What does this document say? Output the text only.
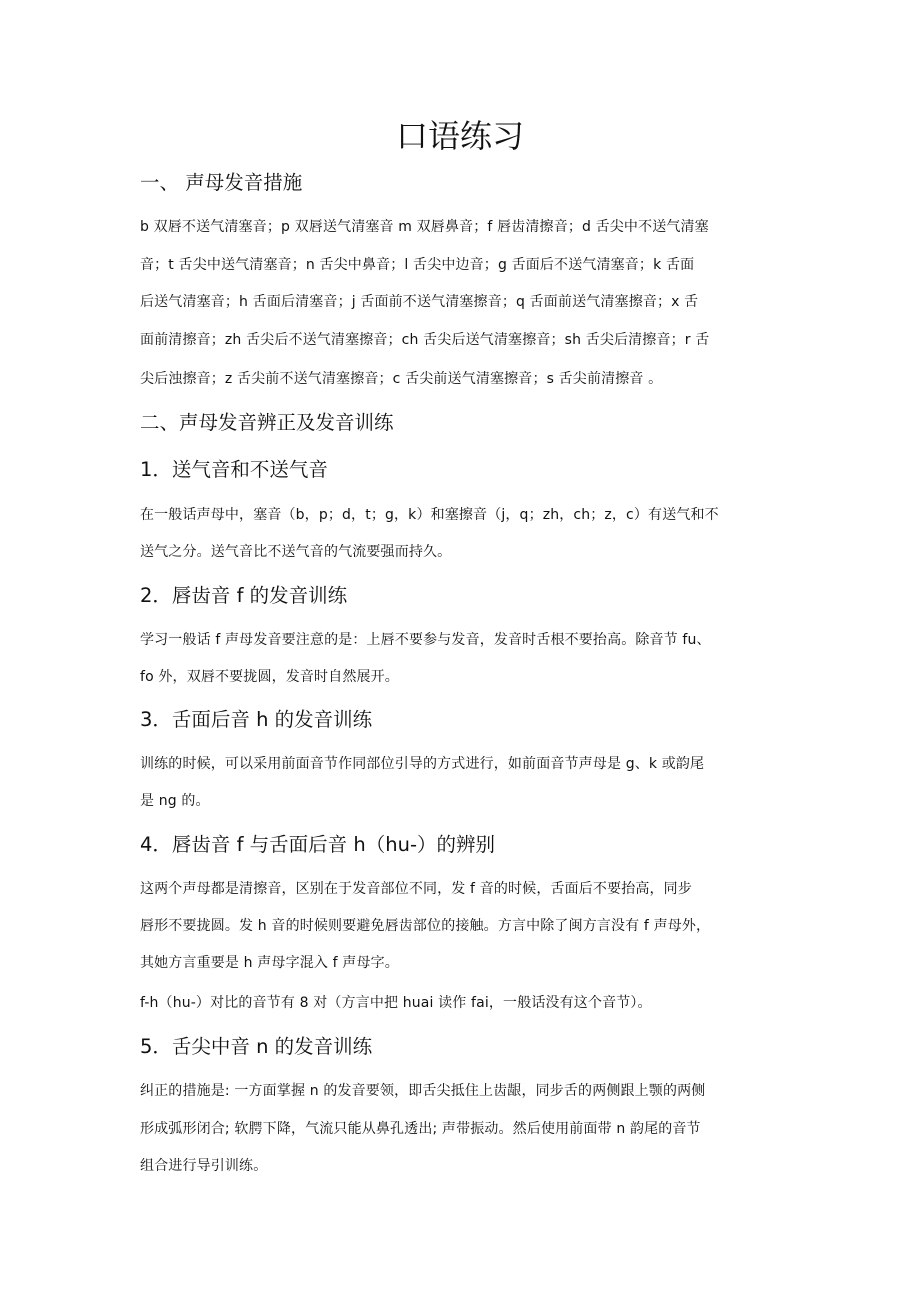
口语练习
一、 声母发音措施
b 双唇不送气清塞音；p 双唇送气清塞音 m 双唇鼻音；f 唇齿清擦音；d 舌尖中不送气清塞
音；t 舌尖中送气清塞音；n 舌尖中鼻音；l 舌尖中边音；g 舌面后不送气清塞音；k 舌面
后送气清塞音；h 舌面后清塞音；j 舌面前不送气清塞擦音；q 舌面前送气清塞擦音；x 舌
面前清擦音；zh 舌尖后不送气清塞擦音；ch 舌尖后送气清塞擦音；sh 舌尖后清擦音；r 舌
尖后浊擦音；z 舌尖前不送气清塞擦音；c 舌尖前送气清塞擦音；s 舌尖前清擦音 。
二、声母发音辨正及发音训练
1．送气音和不送气音
在一般话声母中，塞音（b，p；d，t；g，k）和塞擦音（j，q；zh，ch；z，c）有送气和不
送气之分。送气音比不送气音的气流要强而持久。
2．唇齿音 f 的发音训练
学习一般话 f 声母发音要注意的是：上唇不要参与发音，发音时舌根不要抬高。除音节 fu、
fo 外，双唇不要拢圆，发音时自然展开。
3．舌面后音 h 的发音训练
训练的时候，可以采用前面音节作同部位引导的方式进行，如前面音节声母是 g、k 或韵尾
是 ng 的。
4．唇齿音 f 与舌面后音 h（hu-）的辨别
这两个声母都是清擦音，区别在于发音部位不同，发 f 音的时候，舌面后不要抬高，同步
唇形不要拢圆。发 h 音的时候则要避免唇齿部位的接触。方言中除了闽方言没有 f 声母外，
其她方言重要是 h 声母字混入 f 声母字。
f-h（hu-）对比的音节有 8 对（方言中把 huai 读作 fai，一般话没有这个音节）。
5．舌尖中音 n 的发音训练
纠正的措施是: 一方面掌握 n 的发音要领，即舌尖抵住上齿龈，同步舌的两侧跟上颚的两侧
形成弧形闭合; 软腭下降，气流只能从鼻孔透出; 声带振动。然后使用前面带 n 韵尾的音节
组合进行导引训练。
